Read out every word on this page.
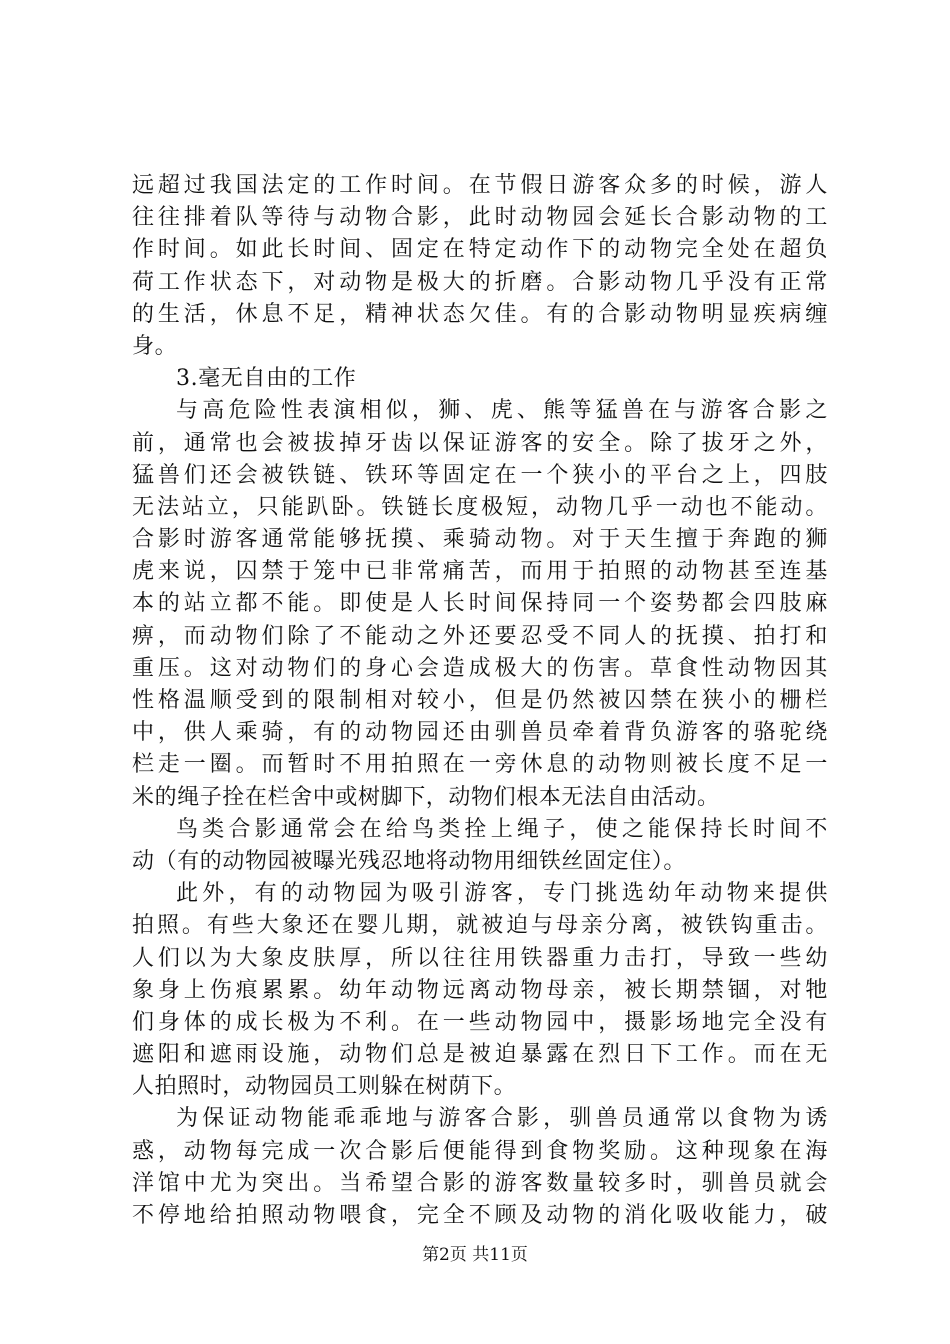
远超过我国法定的工作时间。在节假日游客众多的时候，游人
往往排着队等待与动物合影，此时动物园会延长合影动物的工
作时间。如此长时间、固定在特定动作下的动物完全处在超负
荷工作状态下，对动物是极大的折磨。合影动物几乎没有正常
的生活，休息不足，精神状态欠佳。有的合影动物明显疾病缠
身。
3.毫无自由的工作
与高危险性表演相似，狮、虎、熊等猛兽在与游客合影之
前，通常也会被拔掉牙齿以保证游客的安全。除了拔牙之外，
猛兽们还会被铁链、铁环等固定在一个狭小的平台之上，四肢
无法站立，只能趴卧。铁链长度极短，动物几乎一动也不能动。
合影时游客通常能够抚摸、乘骑动物。对于天生擅于奔跑的狮
虎来说，囚禁于笼中已非常痛苦，而用于拍照的动物甚至连基
本的站立都不能。即使是人长时间保持同一个姿势都会四肢麻
痹，而动物们除了不能动之外还要忍受不同人的抚摸、拍打和
重压。这对动物们的身心会造成极大的伤害。草食性动物因其
性格温顺受到的限制相对较小，但是仍然被囚禁在狭小的栅栏
中，供人乘骑，有的动物园还由驯兽员牵着背负游客的骆驼绕
栏走一圈。而暂时不用拍照在一旁休息的动物则被长度不足一
米的绳子拴在栏舍中或树脚下，动物们根本无法自由活动。
鸟类合影通常会在给鸟类拴上绳子，使之能保持长时间不
动（有的动物园被曝光残忍地将动物用细铁丝固定住）。
此外，有的动物园为吸引游客，专门挑选幼年动物来提供
拍照。有些大象还在婴儿期，就被迫与母亲分离，被铁钩重击。
人们以为大象皮肤厚，所以往往用铁器重力击打，导致一些幼
象身上伤痕累累。幼年动物远离动物母亲，被长期禁锢，对牠
们身体的成长极为不利。在一些动物园中，摄影场地完全没有
遮阳和遮雨设施，动物们总是被迫暴露在烈日下工作。而在无
人拍照时，动物园员工则躲在树荫下。
为保证动物能乖乖地与游客合影，驯兽员通常以食物为诱
惑，动物每完成一次合影后便能得到食物奖励。这种现象在海
洋馆中尤为突出。当希望合影的游客数量较多时，驯兽员就会
不停地给拍照动物喂食，完全不顾及动物的消化吸收能力，破
第2页 共11页
